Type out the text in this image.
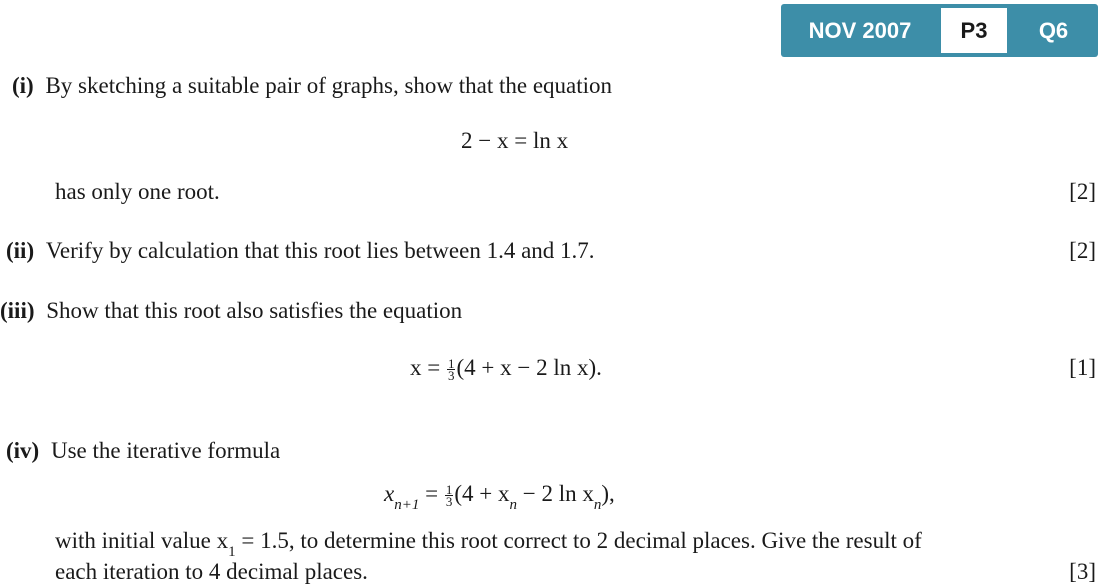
NOV 2007	P3	Q6
(i) By sketching a suitable pair of graphs, show that the equation
2 − x = ln x
has only one root.	[2]
(ii) Verify by calculation that this root lies between 1.4 and 1.7.	[2]
(iii) Show that this root also satisfies the equation
$x = \frac{1}{3} (4 + x - 2$ ln x).	[1]
(iv) Use the iterative formula
$x_{n+1} = \frac{1}{3} (4 + x_n - 2$ $\ln x_n$),
with initial value $x_1 = 1.5$, to determine this root correct to 2 decimal places. Give the result of
each iteration to 4 decimal places.	[3]
